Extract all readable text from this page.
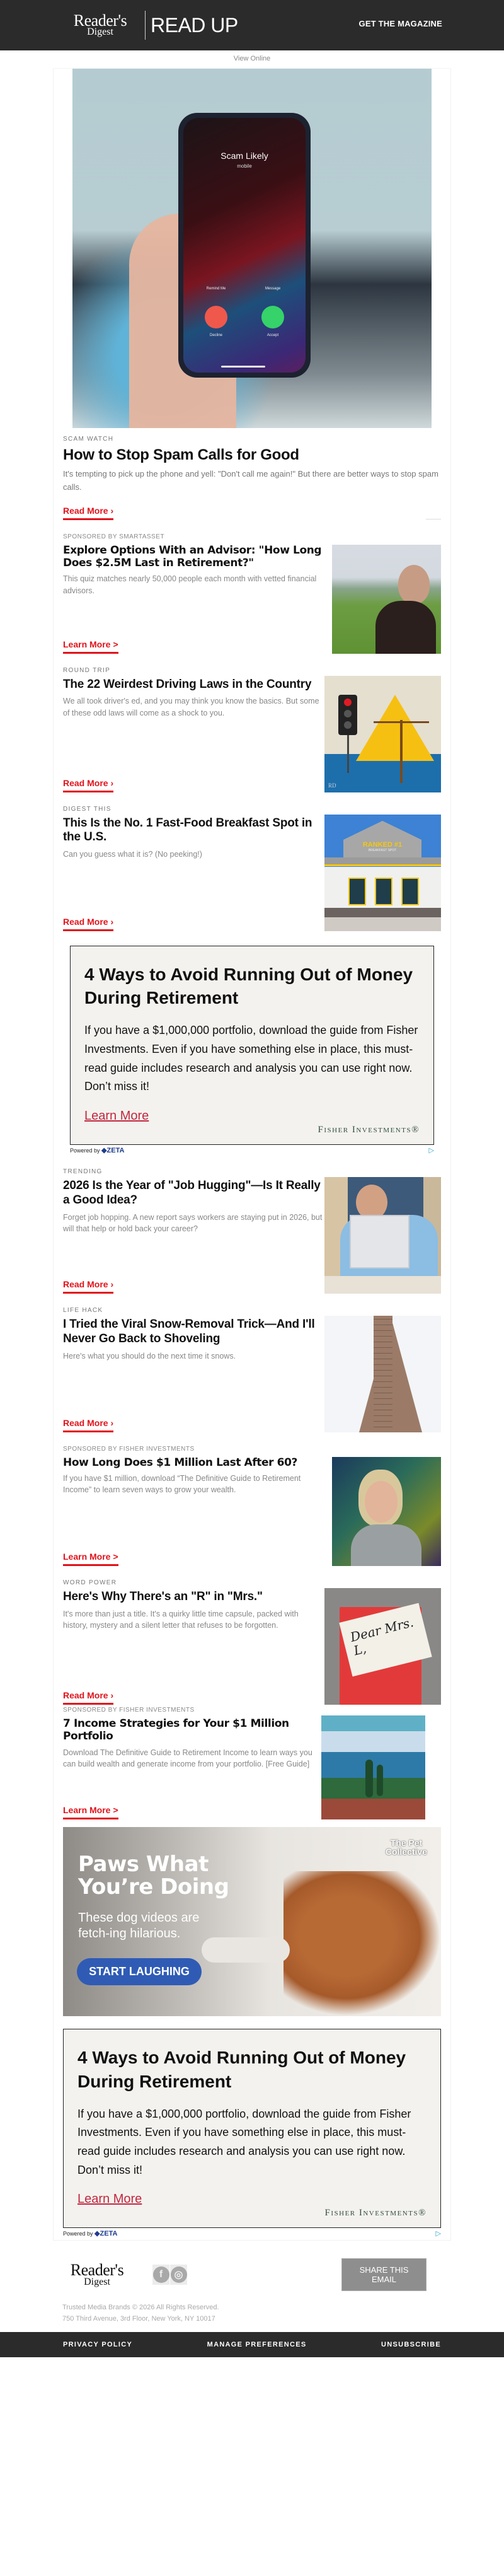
Reader's
Digest	READ UP	GET THE MAGAZINE
View Online
Scam Likely
mobile
Remind Me	Message
Decline	Accept
SCAM WATCH
How to Stop Spam Calls for Good

It's tempting to pick up the phone and yell: "Don't call me again!" But there are better ways to stop spam calls.

Read More ›
SPONSORED BY SMARTASSET
Explore Options With an Advisor: "How Long Does $2.5M Last in Retirement?"

This quiz matches nearly 50,000 people each month with vetted financial advisors.

Learn More >
ROUND TRIP
The 22 Weirdest Driving Laws in the Country

We all took driver's ed, and you may think you know the basics. But some of these odd laws will come as a shock to you.

Read More ›	RD
DIGEST THIS
This Is the No. 1 Fast-Food Breakfast Spot in the U.S.

Can you guess what it is? (No peeking!)

Read More ›
RANKED #1
BREAKFAST SPOT
4 Ways to Avoid Running Out of Money During Retirement

If you have a $1,000,000 portfolio, download the guide from Fisher Investments. Even if you have something else in place, this must-read guide includes research and analysis you can use right now. Don’t miss it!

Learn More
Fisher Investments®
Powered by ◆ZETA	▷
TRENDING
2026 Is the Year of "Job Hugging"—Is It Really a Good Idea?

Forget job hopping. A new report says workers are staying put in 2026, but will that help or hold back your career?

Read More ›
LIFE HACK
I Tried the Viral Snow-Removal Trick—And I'll Never Go Back to Shoveling

Here's what you should do the next time it snows.

Read More ›
SPONSORED BY FISHER INVESTMENTS
How Long Does $1 Million Last After 60?

If you have $1 million, download “The Definitive Guide to Retirement Income” to learn seven ways to grow your wealth.

Learn More >
WORD POWER
Here's Why There's an "R" in "Mrs."

It's more than just a title. It's a quirky little time capsule, packed with history, mystery and a silent letter that refuses to be forgotten.

Read More ›
Dear Mrs. L,
SPONSORED BY FISHER INVESTMENTS
7 Income Strategies for Your $1 Million Portfolio

Download The Definitive Guide to Retirement Income to learn ways you can build wealth and generate income from your portfolio. [Free Guide]

Learn More >
The Pet
Collective
Paws What
You’re Doing
These dog videos are
fetch-ing hilarious.
START LAUGHING
4 Ways to Avoid Running Out of Money During Retirement

If you have a $1,000,000 portfolio, download the guide from Fisher Investments. Even if you have something else in place, this must-read guide includes research and analysis you can use right now. Don’t miss it!

Learn More
Fisher Investments®
Powered by ◆ZETA	▷
Reader's
Digest
f	◎	SHARE THIS EMAIL
Trusted Media Brands © 2026 All Rights Reserved.
750 Third Avenue, 3rd Floor, New York, NY 10017
PRIVACY POLICY	MANAGE PREFERENCES	UNSUBSCRIBE
